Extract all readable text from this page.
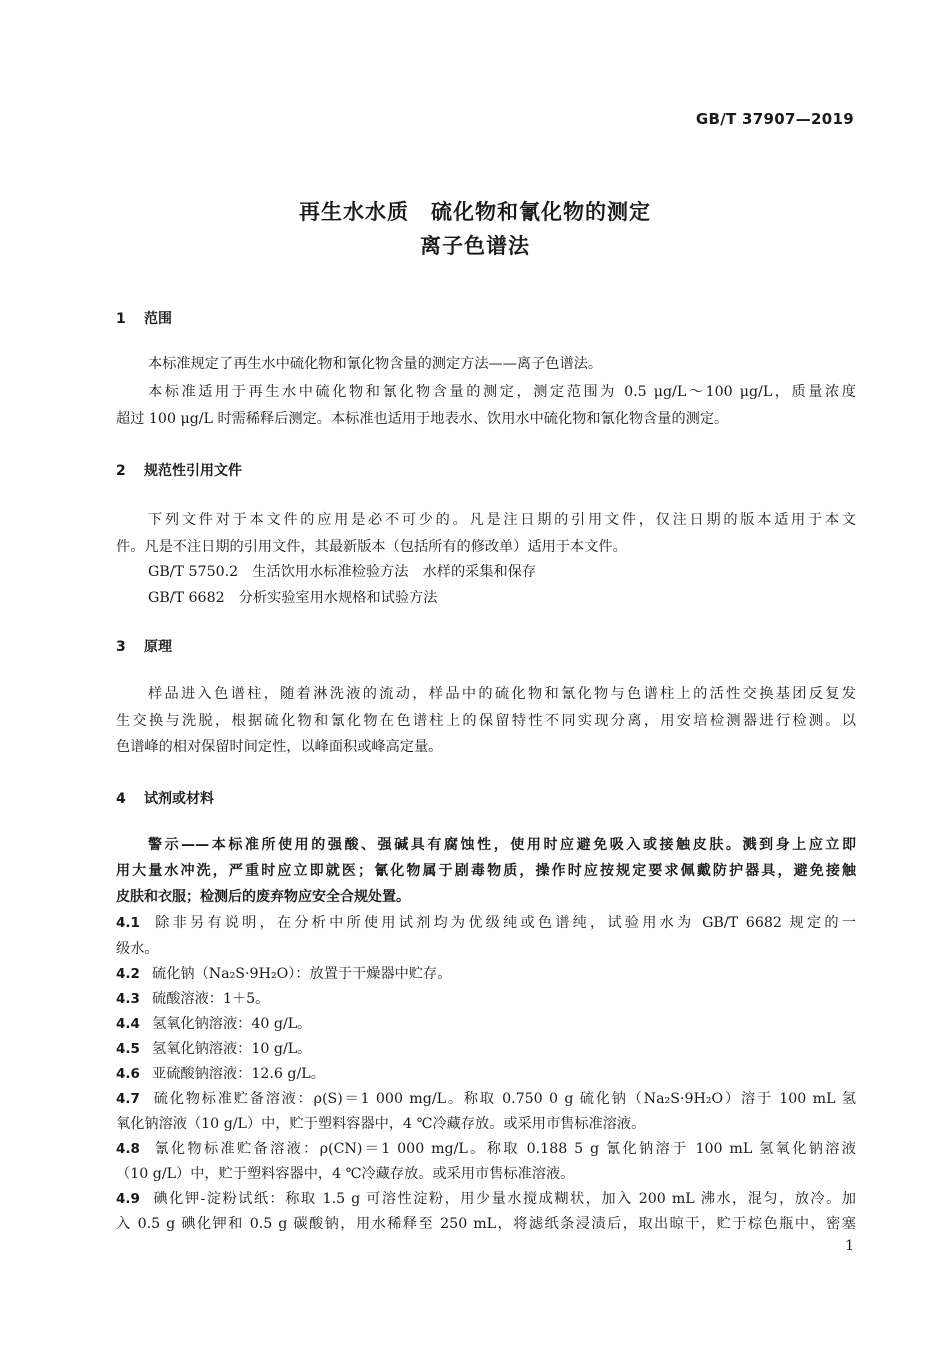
GB/T 37907—2019
再生水水质　硫化物和氰化物的测定
离子色谱法
1 范围
本标准规定了再生水中硫化物和氰化物含量的测定方法——离子色谱法。
本标准适用于再生水中硫化物和氰化物含量的测定，测定范围为 0.5 μg/L～100 μg/L，质量浓度
超过 100 μg/L 时需稀释后测定。本标准也适用于地表水、饮用水中硫化物和氰化物含量的测定。
2 规范性引用文件
下列文件对于本文件的应用是必不可少的。凡是注日期的引用文件，仅注日期的版本适用于本文
件。凡是不注日期的引用文件，其最新版本（包括所有的修改单）适用于本文件。
GB/T 5750.2　生活饮用水标准检验方法　水样的采集和保存
GB/T 6682　分析实验室用水规格和试验方法
3 原理
样品进入色谱柱，随着淋洗液的流动，样品中的硫化物和氰化物与色谱柱上的活性交换基团反复发
生交换与洗脱，根据硫化物和氰化物在色谱柱上的保留特性不同实现分离，用安培检测器进行检测。以
色谱峰的相对保留时间定性，以峰面积或峰高定量。
4 试剂或材料
警示——本标准所使用的强酸、强碱具有腐蚀性，使用时应避免吸入或接触皮肤。溅到身上应立即
用大量水冲洗，严重时应立即就医；氰化物属于剧毒物质，操作时应按规定要求佩戴防护器具，避免接触
皮肤和衣服；检测后的废弃物应安全合规处置。
4.1 除非另有说明，在分析中所使用试剂均为优级纯或色谱纯，试验用水为 GB/T 6682 规定的一
级水。
4.2 硫化钠（Na₂S·9H₂O）：放置于干燥器中贮存。
4.3 硫酸溶液：1＋5。
4.4 氢氧化钠溶液：40 g/L。
4.5 氢氧化钠溶液：10 g/L。
4.6 亚硫酸钠溶液：12.6 g/L。
4.7 硫化物标准贮备溶液：ρ(S)＝1 000 mg/L。称取 0.750 0 g 硫化钠（Na₂S·9H₂O）溶于 100 mL 氢
氧化钠溶液（10 g/L）中，贮于塑料容器中，4 ℃冷藏存放。或采用市售标准溶液。
4.8 氰化物标准贮备溶液：ρ(CN)＝1 000 mg/L。称取 0.188 5 g 氰化钠溶于 100 mL 氢氧化钠溶液
（10 g/L）中，贮于塑料容器中，4 ℃冷藏存放。或采用市售标准溶液。
4.9 碘化钾-淀粉试纸：称取 1.5 g 可溶性淀粉，用少量水搅成糊状，加入 200 mL 沸水，混匀，放冷。加
入 0.5 g 碘化钾和 0.5 g 碳酸钠，用水稀释至 250 mL，将滤纸条浸渍后，取出晾干，贮于棕色瓶中，密塞
1
